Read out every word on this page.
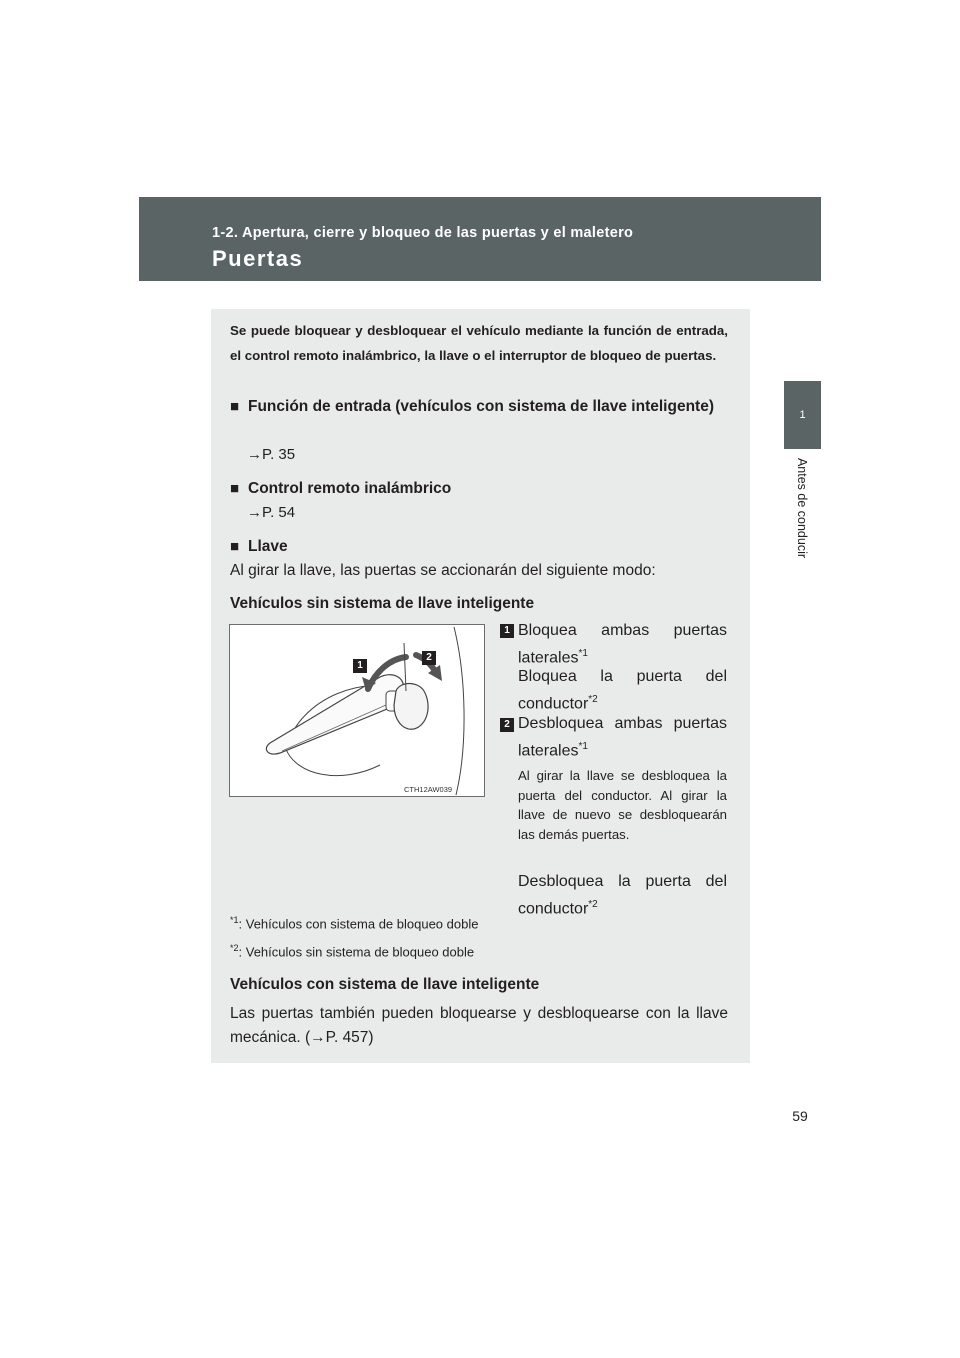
1-2. Apertura, cierre y bloqueo de las puertas y el maletero
Puertas
1
Antes de conducir
Se puede bloquear y desbloquear el vehículo mediante la función de entrada, el control remoto inalámbrico, la llave o el interruptor de bloqueo de puertas.
■ Función de entrada (vehículos con sistema de llave inteligente)
→P. 35
■ Control remoto inalámbrico
→P. 54
■ Llave
Al girar la llave, las puertas se accionarán del siguiente modo:
Vehículos sin sistema de llave inteligente
1
2
CTH12AW039
1 Bloquea ambas puertas laterales$^{*1}$
Bloquea la puerta del conductor$^{*2}$
2 Desbloquea ambas puertas laterales$^{*1}$
Al girar la llave se desbloquea la puerta del conductor. Al girar la llave de nuevo se desbloquearán las demás puertas.
Desbloquea la puerta del conductor$^{*2}$
$^{*1}$: Vehículos con sistema de bloqueo doble
$^{*2}$: Vehículos sin sistema de bloqueo doble
Vehículos con sistema de llave inteligente
Las puertas también pueden bloquearse y desbloquearse con la llave mecánica. (→P. 457)
59
